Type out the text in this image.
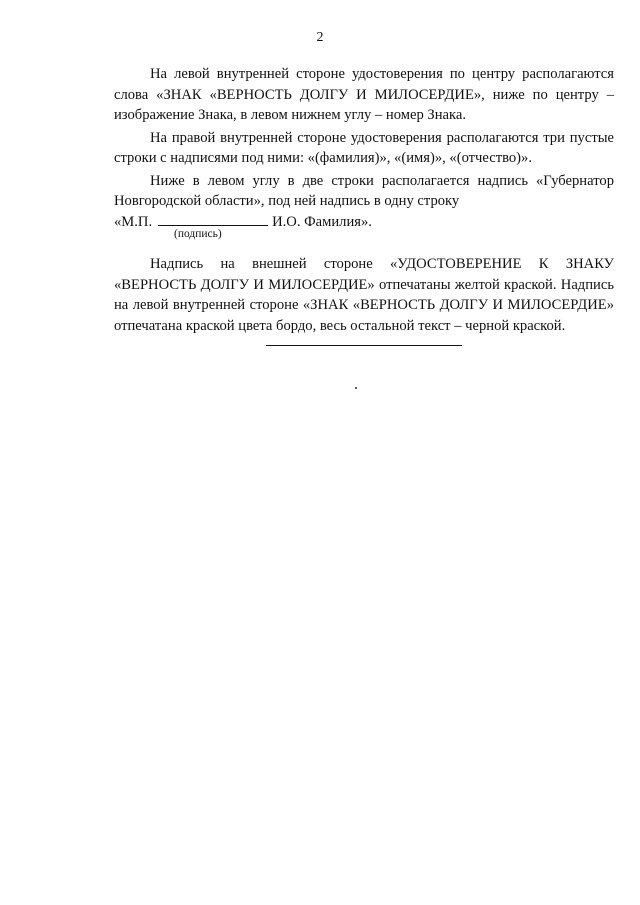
2

На левой внутренней стороне удостоверения по центру располагаются слова «ЗНАК «ВЕРНОСТЬ ДОЛГУ И МИЛОСЕРДИЕ», ниже по центру – изображение Знака, в левом нижнем углу – номер Знака.

На правой внутренней стороне удостоверения располагаются три пустые строки с надписями под ними: «(фамилия)», «(имя)», «(отчество)».

Ниже в левом углу в две строки располагается надпись «Губернатор Новгородской области», под ней надпись в одну строку

«М.П.	И.О. Фамилия».

(подпись)

Надпись на внешней стороне «УДОСТОВЕРЕНИЕ К ЗНАКУ «ВЕРНОСТЬ ДОЛГУ И МИЛОСЕРДИЕ» отпечатаны желтой краской. Надпись на левой внутренней стороне «ЗНАК «ВЕРНОСТЬ ДОЛГУ И МИЛОСЕРДИЕ» отпечатана краской цвета бордо, весь остальной текст – черной краской.
